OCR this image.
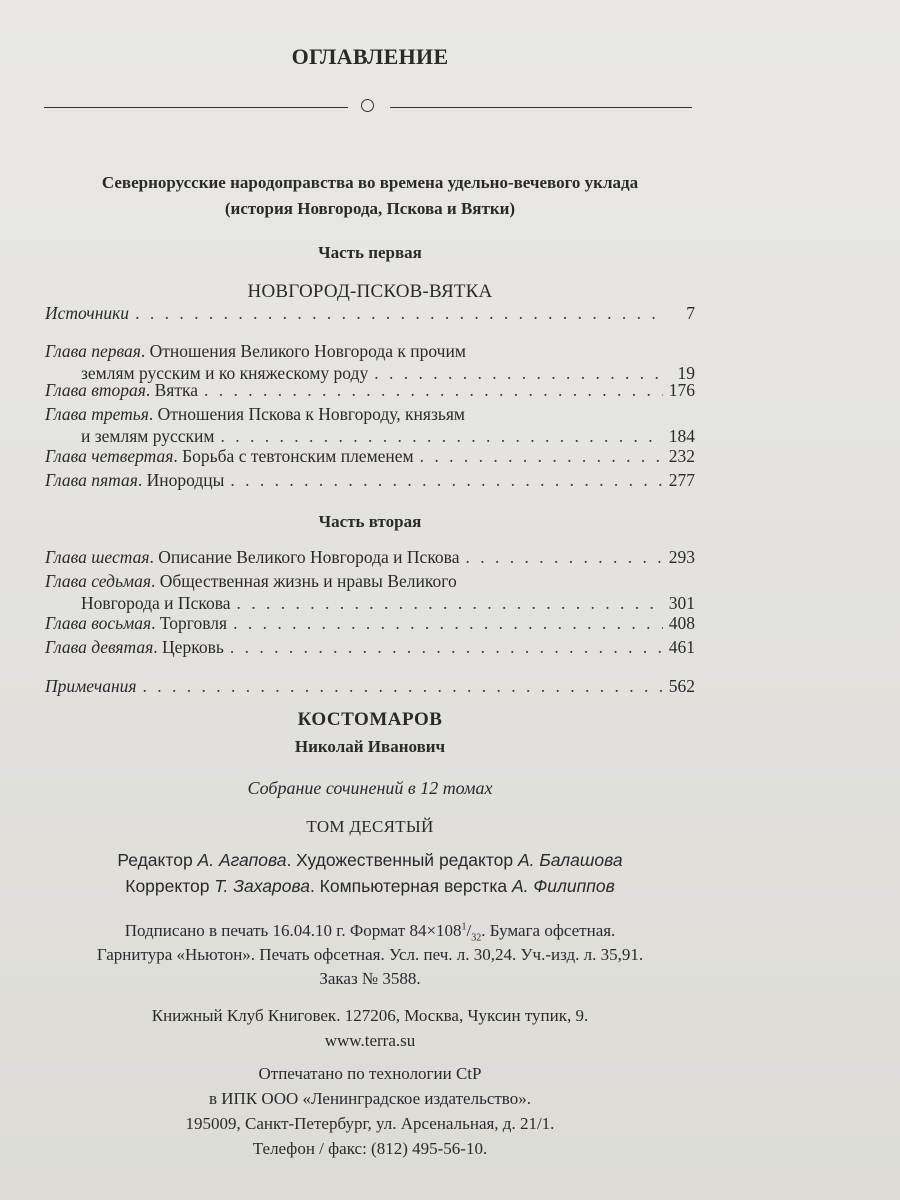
ОГЛАВЛЕНИЕ
Севернорусские народоправства во времена удельно-вечевого уклада
(история Новгорода, Пскова и Вятки)
Часть первая
НОВГОРОД-ПСКОВ-ВЯТКА
Источники . . .	7
Глава первая . Отношения Великого Новгорода к прочим
землям русским и ко княжескому роду . . .	19
Глава вторая . Вятка . . .	176
Глава третья . Отношения Пскова к Новгороду, князьям
и землям русским . . .	184
Глава четвертая . Борьба с тевтонским племенем . . .	232
Глава пятая . Инородцы . . .	277
Часть вторая
Глава шестая . Описание Великого Новгорода и Пскова . . .	293
Глава седьмая . Общественная жизнь и нравы Великого
Новгорода и Пскова . . .	301
Глава восьмая . Торговля . . .	408
Глава девятая . Церковь . . .	461
Примечания . . .	562
КОСТОМАРОВ
Николай Иванович
Собрание сочинений в 12 томах
ТОМ ДЕСЯТЫЙ
Редактор А. Агапова. Художественный редактор А. Балашова
Корректор Т. Захарова. Компьютерная верстка А. Филиппов
Подписано в печать 16.04.10 г. Формат $84\times 108^1/_{32}$. Бумага офсетная.
Гарнитура «Ньютон». Печать офсетная. Усл. печ. л. 30,24. Уч.-изд. л. 35,91.
Заказ № 3588.
Книжный Клуб Книговек. 127206, Москва, Чуксин тупик, 9.
www.terra.su
Отпечатано по технологии CtP
в ИПК ООО «Ленинградское издательство».
195009, Санкт-Петербург, ул. Арсенальная, д. 21/1.
Телефон / факс: (812) 495-56-10.
